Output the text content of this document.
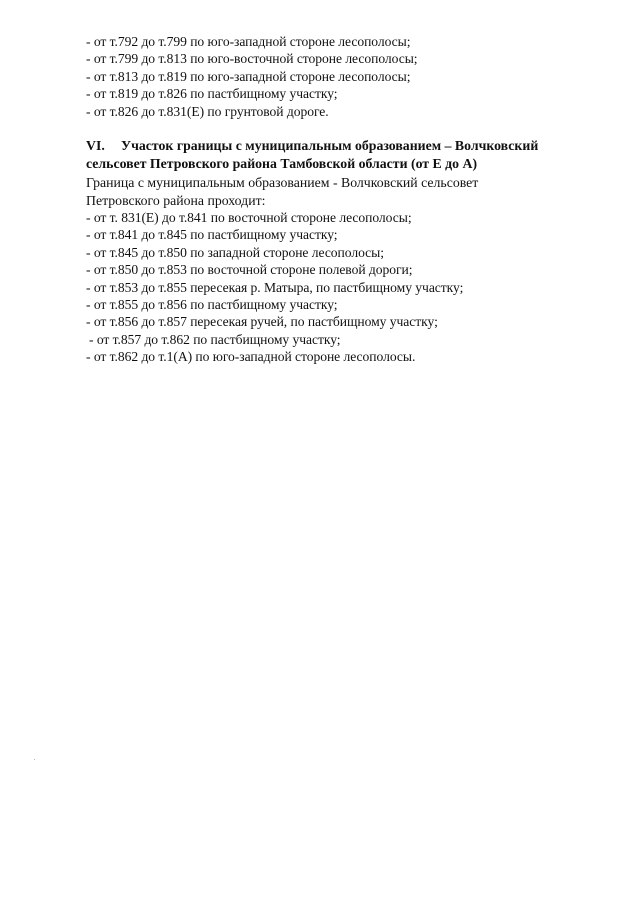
- от т.792 до т.799 по юго-западной стороне лесополосы;
- от т.799 до т.813 по юго-восточной стороне лесополосы;
- от т.813 до т.819 по юго-западной стороне лесополосы;
- от т.819 до т.826 по пастбищному участку;
- от т.826 до т.831(Е) по грунтовой дороге.
VI. Участок границы с муниципальным образованием – Волчковский
сельсовет Петровского района Тамбовской области (от Е до А)
Граница с муниципальным образованием - Волчковский сельсовет
Петровского района проходит:
- от т. 831(Е) до т.841 по восточной стороне лесополосы;
- от т.841 до т.845 по пастбищному участку;
- от т.845 до т.850 по западной стороне лесополосы;
- от т.850 до т.853 по восточной стороне полевой дороги;
- от т.853 до т.855 пересекая р. Матыра, по пастбищному участку;
- от т.855 до т.856 по пастбищному участку;
- от т.856 до т.857 пересекая ручей, по пастбищному участку;
- от т.857 до т.862 по пастбищному участку;
- от т.862 до т.1(А) по юго-западной стороне лесополосы.
